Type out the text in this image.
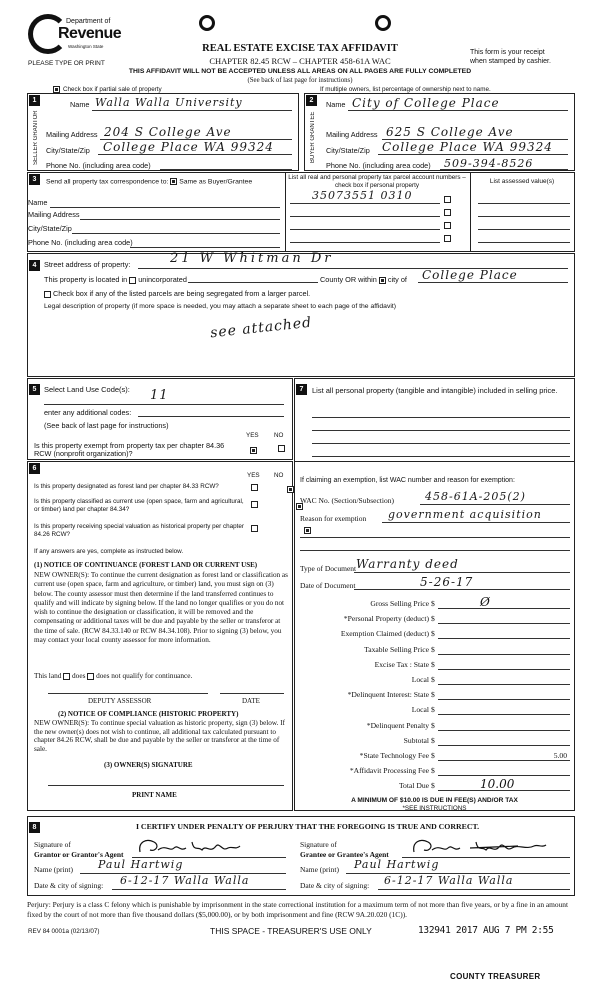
Department of
Revenue
Washington State
PLEASE TYPE OR PRINT
REAL ESTATE EXCISE TAX AFFIDAVIT
CHAPTER 82.45 RCW – CHAPTER 458-61A WAC
This form is your receipt
when stamped by cashier.
THIS AFFIDAVIT WILL NOT BE ACCEPTED UNLESS ALL AREAS ON ALL PAGES ARE FULLY COMPLETED
(See back of last page for instructions)
Check box if partial sale of property	If multiple owners, list percentage of ownership next to name.
1
SELLER GRANTOR
Name Walla Walla University
Mailing Address 204 S College Ave
City/State/Zip College Place WA 99324
Phone No. (including area code)
2
BUYER GRANTEE
Name City of College Place
Mailing Address 625 S College Ave
City/State/Zip College Place WA 99324
Phone No. (including area code) 509-394-8526
3	Send all property tax correspondence to: Same as Buyer/Grantee
Name
Mailing Address
City/State/Zip
Phone No. (including area code)
List all real and personal property tax parcel account numbers – check box if personal property
List assessed value(s)
35073551 0310
4	Street address of property:	21 W Whitman Dr
This property is located in unincorporated	County OR within city of College Place
Check box if any of the listed parcels are being segregated from a larger parcel.
Legal description of property (if more space is needed, you may attach a separate sheet to each page of the affidavit)
see attached
5	Select Land Use Code(s): 11
enter any additional codes:
(See back of last page for instructions)
YES NO
Is this property exempt from property tax per chapter 84.36 RCW (nonprofit organization)?

6
YES NO
Is this property designated as forest land per chapter 84.33 RCW?

Is this property classified as current use (open space, farm and agricultural, or timber) land per chapter 84.34?

Is this property receiving special valuation as historical property per chapter 84.26 RCW?
If any answers are yes, complete as instructed below.
(1) NOTICE OF CONTINUANCE (FOREST LAND OR CURRENT USE)
NEW OWNER(S): To continue the current designation as forest land or classification as current use (open space, farm and agriculture, or timber) land, you must sign on (3) below. The county assessor must then determine if the land transferred continues to qualify and will indicate by signing below. If the land no longer qualifies or you do not wish to continue the designation or classification, it will be removed and the compensating or additional taxes will be due and payable by the seller or transferor at the time of sale. (RCW 84.33.140 or RCW 84.34.108). Prior to signing (3) below, you may contact your local county assessor for more information.
This land does does not qualify for continuance.
DEPUTY ASSESSOR	DATE
(2) NOTICE OF COMPLIANCE (HISTORIC PROPERTY)
NEW OWNER(S): To continue special valuation as historic property, sign (3) below. If the new owner(s) does not wish to continue, all additional tax calculated pursuant to chapter 84.26 RCW, shall be due and payable by the seller or transferor at the time of sale.
(3) OWNER(S) SIGNATURE
PRINT NAME
7	List all personal property (tangible and intangible) included in selling price.
If claiming an exemption, list WAC number and reason for exemption:
WAC No. (Section/Subsection)	458-61A-205(2)
Reason for exemption government acquisition
Type of Document Warranty deed
Date of Document	5-26-17
Gross Selling Price $	Ø
*Personal Property (deduct) $
Exemption Claimed (deduct) $
Taxable Selling Price $
Excise Tax : State $
Local $
*Delinquent Interest: State $
Local $
*Delinquent Penalty $
Subtotal $
*State Technology Fee $	5.00
*Affidavit Processing Fee $
Total Due $	10.00
A MINIMUM OF $10.00 IS DUE IN FEE(S) AND/OR TAX
*SEE INSTRUCTIONS
8	I CERTIFY UNDER PENALTY OF PERJURY THAT THE FOREGOING IS TRUE AND CORRECT.
Signature of
Grantor or Grantor's Agent
Name (print) Paul Hartwig
Date & city of signing: 6-12-17 Walla Walla
Signature of
Grantee or Grantee's Agent
Name (print) Paul Hartwig
Date & city of signing: 6-12-17 Walla Walla
Perjury: Perjury is a class C felony which is punishable by imprisonment in the state correctional institution for a maximum term of not more than five years, or by a fine in an amount fixed by the court of not more than five thousand dollars ($5,000.00), or by both imprisonment and fine (RCW 9A.20.020 (1C)).
REV 84 0001a (02/13/07)	THIS SPACE - TREASURER'S USE ONLY	132941 2017 AUG 7 PM 2:55
COUNTY TREASURER
